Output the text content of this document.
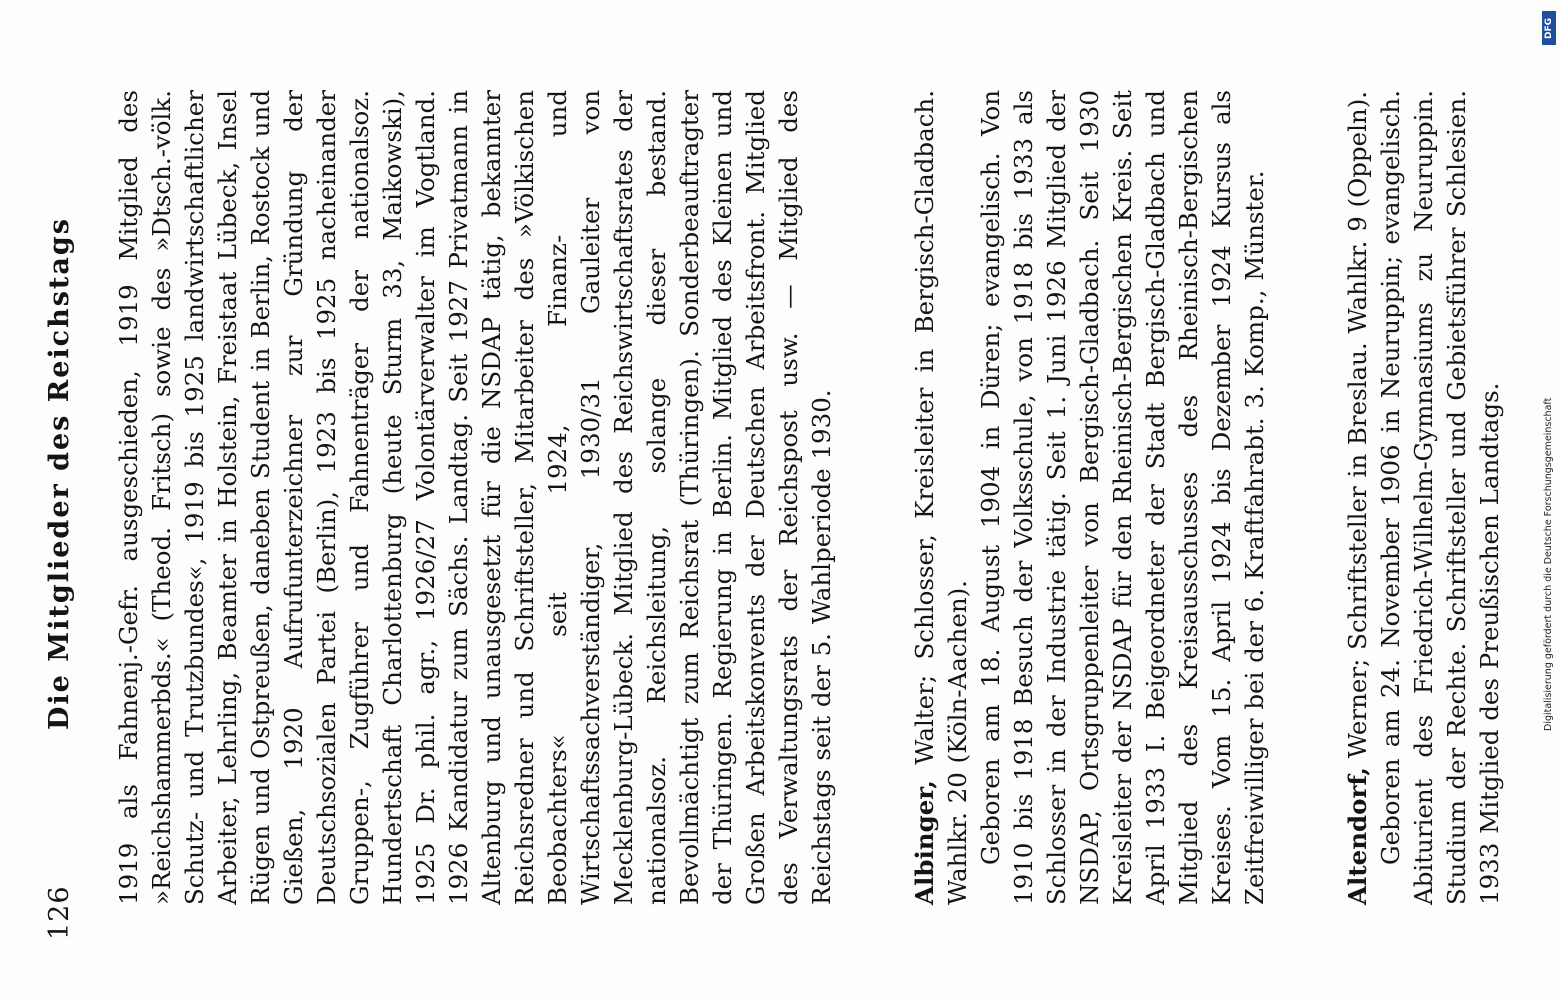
126
Die Mitglieder des Reichstags 1919 als Fahnenj.-Gefr. ausgeschieden, 1919 Mitglied des »Reichshammerbds.« (Theod. Fritsch) sowie des »Dtsch.-völk. Schutz- und Trutzbundes«, 1919 bis 1925 landwirtschaftlicher Arbeiter, Lehrling, Beamter in Holstein, Freistaat Lübeck, Insel Rügen und Ostpreußen, daneben Student in Berlin, Rostock und Gießen, 1920 Aufrufunterzeichner zur Gründung der Deutschsozialen Partei (Berlin), 1923 bis 1925 nacheinander Gruppen-, Zugführer und Fahnenträger der nationalsoz. Hundertschaft Charlottenburg (heute Sturm 33, Maikowski), 1925 Dr. phil. agr., 1926/27 Volontärverwalter im Vogtland. 1926 Kandidatur zum Sächs. Landtag. Seit 1927 Privatmann in Altenburg und unausgesetzt für die NSDAP tätig, bekannter Reichsredner und Schriftsteller, Mitarbeiter des »Völkischen Beobachters« seit 1924, Finanz- und Wirtschaftssachverständiger, 1930/31 Gauleiter von Mecklenburg-Lübeck. Mitglied des Reichswirtschaftsrates der nationalsoz. Reichsleitung, solange dieser bestand. Bevollmächtigt zum Reichsrat (Thüringen). Sonderbeauftragter der Thüringen. Regierung in Berlin. Mitglied des Kleinen und Großen Arbeitskonvents der Deutschen Arbeitsfront. Mitglied des Verwaltungsrats der Reichspost usw. — Mitglied des Reichstags seit der 5. Wahlperiode 1930.	Albinger, Walter; Schlosser, Kreisleiter in Bergisch-Gladbach. Wahlkr. 20 (Köln-Aachen). Geboren am 18. August 1904 in Düren; evangelisch. Von 1910 bis 1918 Besuch der Volksschule, von 1918 bis 1933 als Schlosser in der Industrie tätig. Seit 1. Juni 1926 Mitglied der NSDAP, Ortsgruppenleiter von Bergisch-Gladbach. Seit 1930 Kreisleiter der NSDAP für den Rheinisch-Bergischen Kreis. Seit April 1933 I. Beigeordneter der Stadt Bergisch-Gladbach und Mitglied des Kreisausschusses des Rheinisch-Bergischen Kreises. Vom 15. April 1924 bis Dezember 1924 Kursus als Zeitfreiwilliger bei der 6. Kraftfahrabt. 3. Komp., Münster.	Altendorf, Werner; Schriftsteller in Breslau. Wahlkr. 9 (Oppeln). Geboren am 24. November 1906 in Neuruppin; evangelisch. Abiturient des Friedrich-Wilhelm-Gymnasiums zu Neuruppin. Studium der Rechte. Schriftsteller und Gebietsführer Schlesien. 1933 Mitglied des Preußischen Landtags.

DFG
Digitalisierung gefördert durch die Deutsche Forschungsgemeinschaft
